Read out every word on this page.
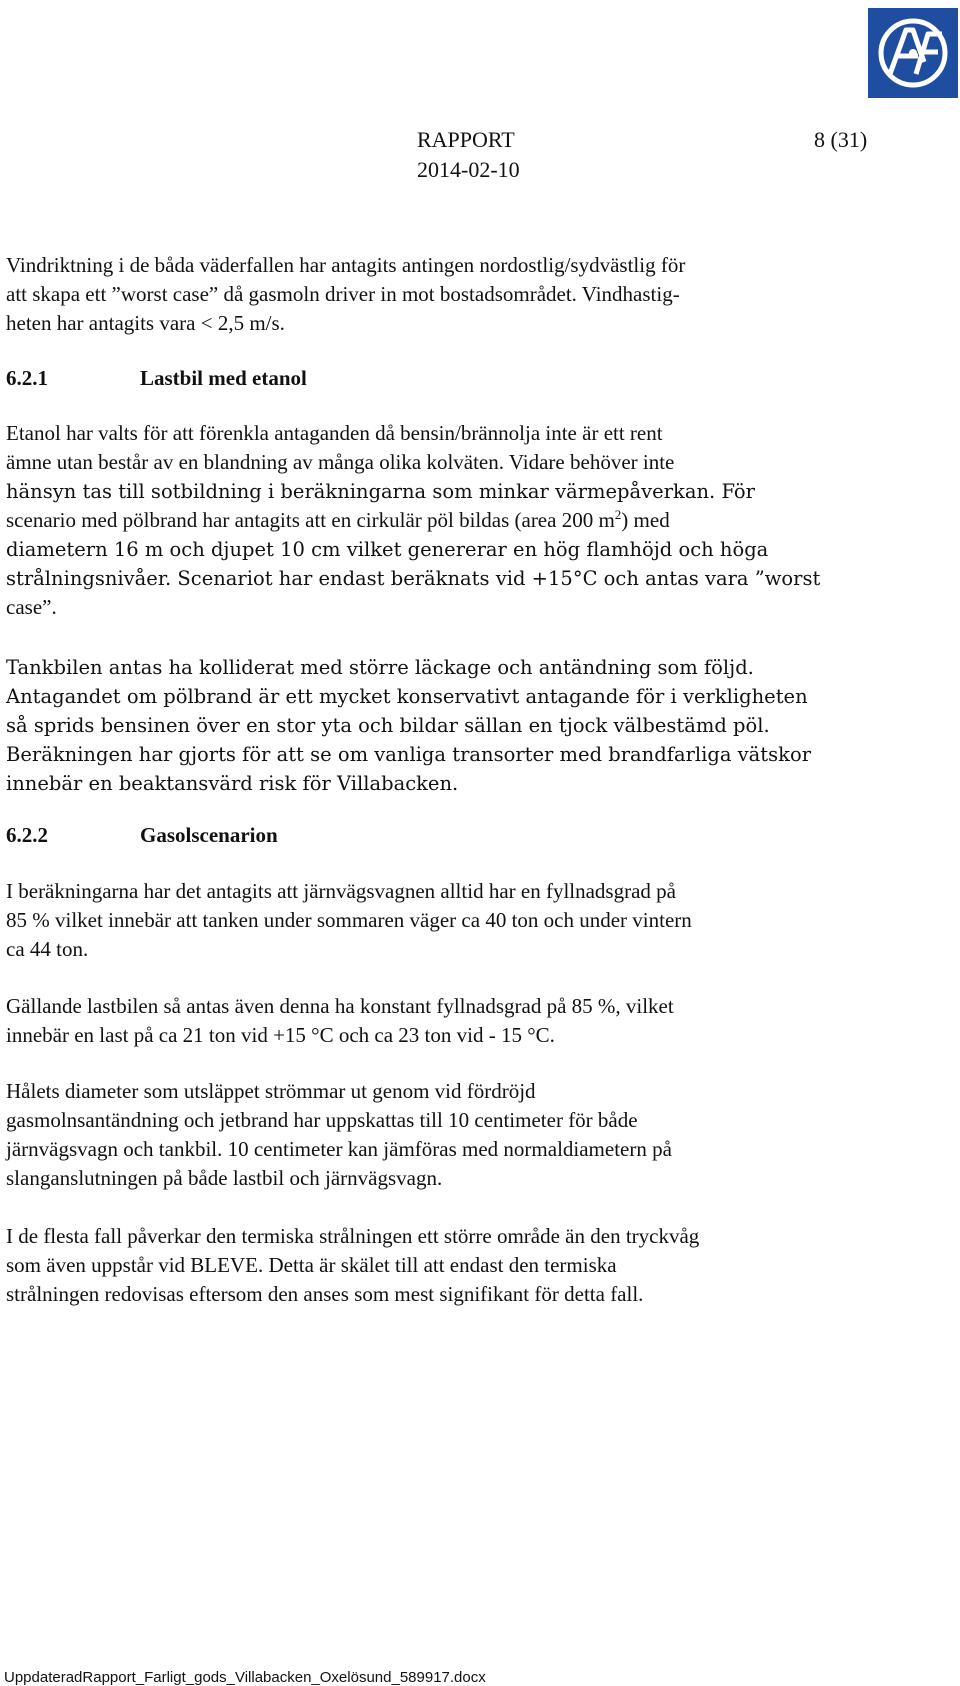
RAPPORT	8 (31)
2014-02-10

Vindriktning i de båda väderfallen har antagits antingen nordostlig/sydvästlig för

att skapa ett ”worst case” då gasmoln driver in mot bostadsområdet. Vindhastig-

heten har antagits vara < 2,5 m/s.

6.2.1	Lastbil med etanol

Etanol har valts för att förenkla antaganden då bensin/brännolja inte är ett rent

ämne utan består av en blandning av många olika kolväten. Vidare behöver inte

hänsyn tas till sotbildning i beräkningarna som minkar värmepåverkan. För

scenario med pölbrand har antagits att en cirkulär pöl bildas (area 200 $m^2$) med

diametern 16 m och djupet 10 cm vilket genererar en hög flamhöjd och höga

strålningsnivåer. Scenariot har endast beräknats vid +15°C och antas vara ”worst

case”.

Tankbilen antas ha kolliderat med större läckage och antändning som följd.

Antagandet om pölbrand är ett mycket konservativt antagande för i verkligheten

så sprids bensinen över en stor yta och bildar sällan en tjock välbestämd pöl.

Beräkningen har gjorts för att se om vanliga transorter med brandfarliga vätskor

innebär en beaktansvärd risk för Villabacken.

6.2.2	Gasolscenarion

I beräkningarna har det antagits att järnvägsvagnen alltid har en fyllnadsgrad på

85 % vilket innebär att tanken under sommaren väger ca 40 ton och under vintern

ca 44 ton.

Gällande lastbilen så antas även denna ha konstant fyllnadsgrad på 85 %, vilket

innebär en last på ca 21 ton vid +15 °C och ca 23 ton vid - 15 °C.

Hålets diameter som utsläppet strömmar ut genom vid fördröjd

gasmolnsantändning och jetbrand har uppskattas till 10 centimeter för både

järnvägsvagn och tankbil. 10 centimeter kan jämföras med normaldiametern på

slanganslutningen på både lastbil och järnvägsvagn.

I de flesta fall påverkar den termiska strålningen ett större område än den tryckvåg

som även uppstår vid BLEVE. Detta är skälet till att endast den termiska

strålningen redovisas eftersom den anses som mest signifikant för detta fall.

UppdateradRapport_Farligt_gods_Villabacken_Oxelösund_589917.docx
